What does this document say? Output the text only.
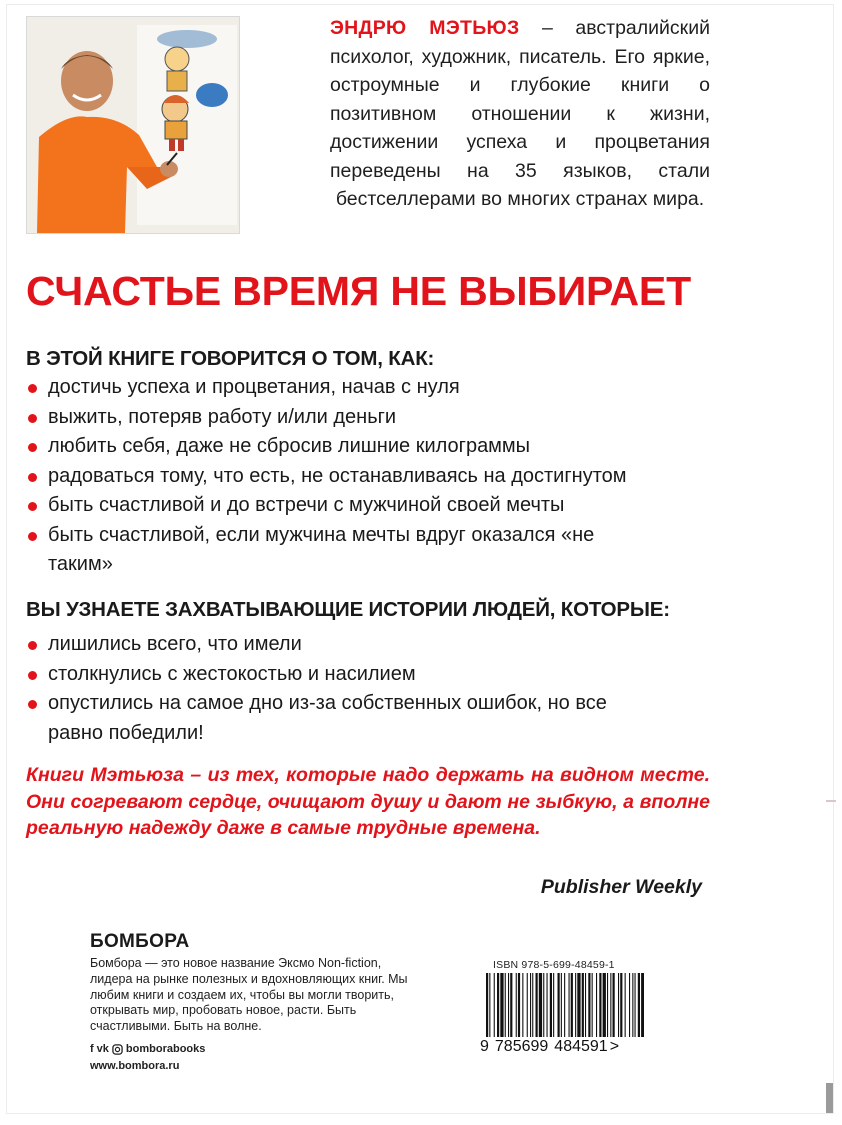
ЭНДРЮ МЭТЬЮЗ – австралийский психолог, художник, писатель. Его яркие, остроумные и глубокие книги о позитивном отношении к жизни, достижении успеха и процветания переведены на 35 языков, стали бестселлерами во многих странах мира.
СЧАСТЬЕ ВРЕМЯ НЕ ВЫБИРАЕТ
В ЭТОЙ КНИГЕ ГОВОРИТСЯ О ТОМ, КАК:
достичь успеха и процветания, начав с нуля
выжить, потеряв работу и/или деньги
любить себя, даже не сбросив лишние килограммы
радоваться тому, что есть, не останавливаясь на достигнутом
быть счастливой и до встречи с мужчиной своей мечты
быть счастливой, если мужчина мечты вдруг оказался «не таким»
ВЫ УЗНАЕТЕ ЗАХВАТЫВАЮЩИЕ ИСТОРИИ ЛЮДЕЙ, КОТОРЫЕ:
лишились всего, что имели
столкнулись с жестокостью и насилием
опустились на самое дно из-за собственных ошибок, но все равно победили!
Книги Мэтьюза – из тех, которые надо держать на видном месте. Они согревают сердце, очищают душу и дают не зыбкую, а вполне реальную надежду даже в самые трудные времена.
Publisher Weekly
БОМБОРА
Бомбора — это новое название Эксмо Non-fiction, лидера на рынке полезных и вдохновляющих книг. Мы любим книги и создаем их, чтобы вы могли творить, открывать мир, пробовать новое, расти. Быть счастливыми. Быть на волне.
f vk bomborabooks
www.bombora.ru
ISBN 978-5-699-48459-1
9 785699 484591 >
